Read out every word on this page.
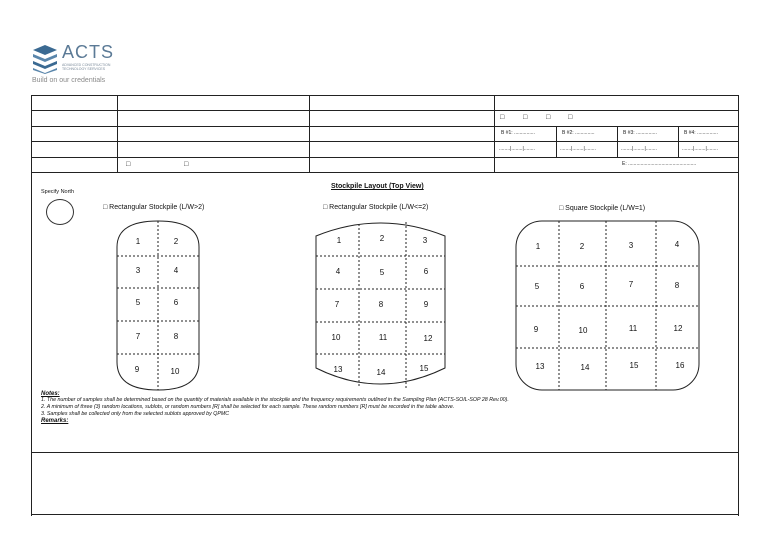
ACTS
ADVANCED CONSTRUCTION TECHNOLOGY SERVICES
Build on our credentials
□	□	□	□
B #1: ...............	B #2: ..............	B #3: ...............	B #4: ...............
........|........|........	........|........|........	........|........|........	........|........|........
□	□	E: .................................................
Stockpile Layout (Top View)
Specify North
□ Rectangular Stockpile (L/W>2)	□ Rectangular Stockpile (L/W<=2)	□ Square Stockpile (L/W=1)
1	2
3	4
5	6
7	8
9	10
1	2	3
4	5	6
7	8	9
10	11	12
13	14	15
1	2	3	4
5	6	7	8
9	10	11	12
13	14	15	16
Notes:
1. The number of samples shall be determined based on the quantity of materials available in the stockpile and the frequency requirements outlined in the Sampling Plan (ACTS-SOIL-SOP 28 Rev.00).
2. A minimum of three (3) random locations, sublots, or random numbers [R] shall be selected for each sample. These random numbers [R] must be recorded in the table above.
3. Samples shall be collected only from the selected sublots approved by QPMC
Remarks:
